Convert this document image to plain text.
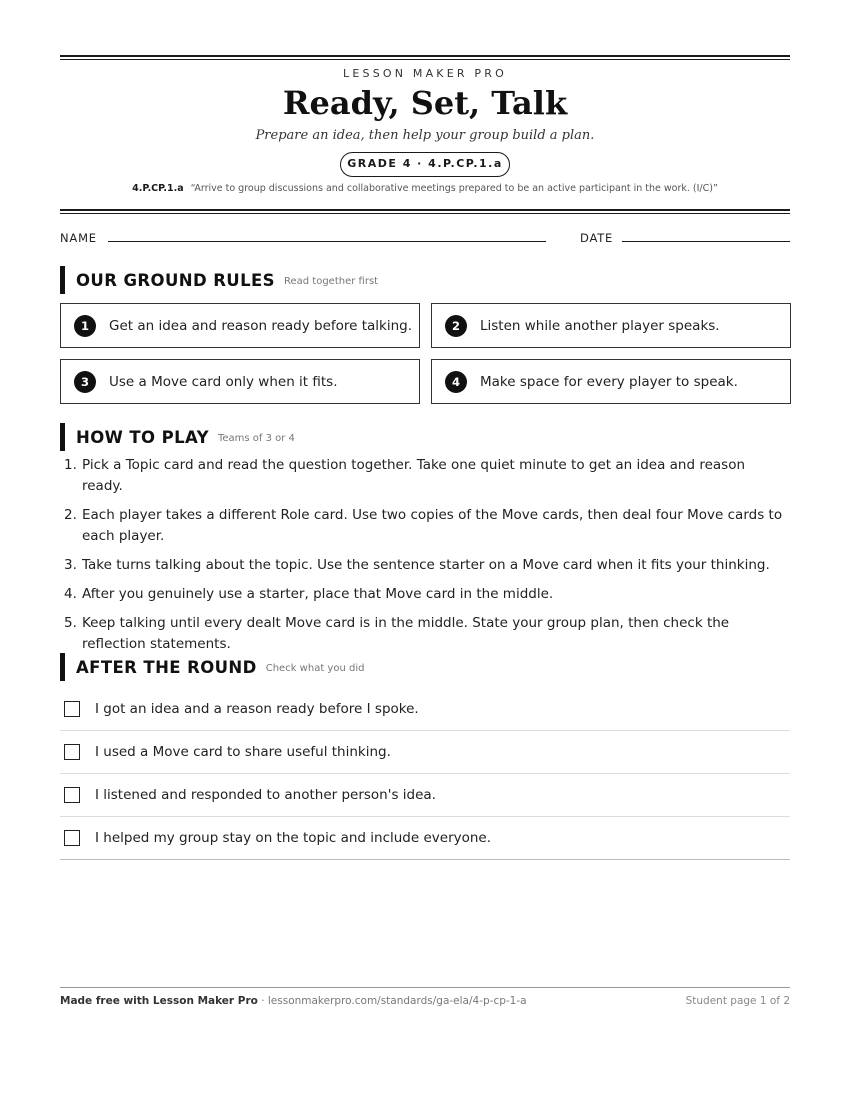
LESSON MAKER PRO
Ready, Set, Talk
Prepare an idea, then help your group build a plan.
GRADE 4 · 4.P.CP.1.a
4.P.CP.1.a “Arrive to group discussions and collaborative meetings prepared to be an active participant in the work. (I/C)”
NAME	DATE
OUR GROUND RULES Read together first
1	Get an idea and reason ready before talking.	2	Listen while another player speaks.
3	Use a Move card only when it fits.	4	Make space for every player to speak.
HOW TO PLAY Teams of 3 or 4
1. Pick a Topic card and read the question together. Take one quiet minute to get an idea and reason ready.
2. Each player takes a different Role card. Use two copies of the Move cards, then deal four Move cards to each player.
3. Take turns talking about the topic. Use the sentence starter on a Move card when it fits your thinking.
4. After you genuinely use a starter, place that Move card in the middle.
5. Keep talking until every dealt Move card is in the middle. State your group plan, then check the reflection statements.
AFTER THE ROUND Check what you did
I got an idea and a reason ready before I spoke.
I used a Move card to share useful thinking.
I listened and responded to another person's idea.
I helped my group stay on the topic and include everyone.
Made free with Lesson Maker Pro · lessonmakerpro.com/standards/ga-ela/4-p-cp-1-a	Student page 1 of 2
